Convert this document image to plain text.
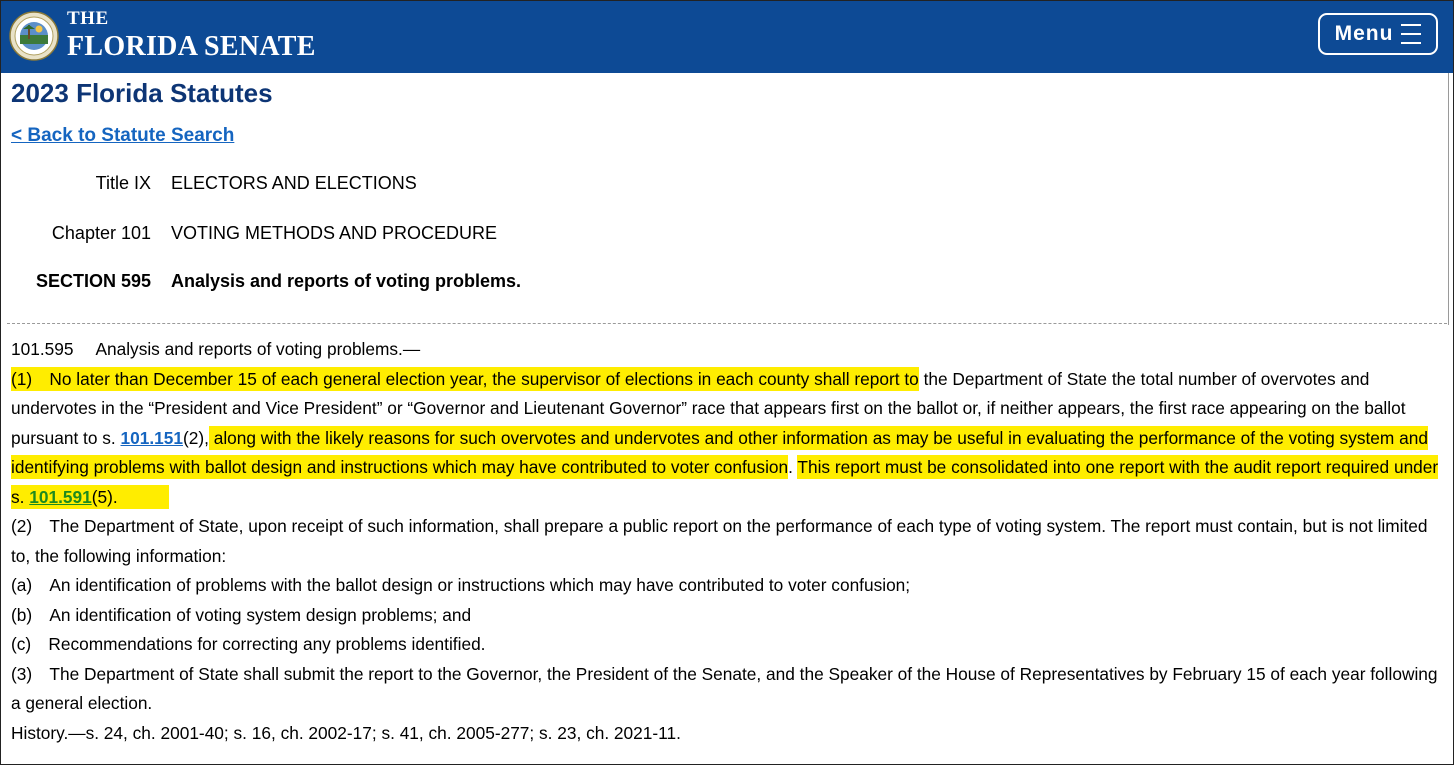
THE
FLORIDA SENATE	Menu
2023 Florida Statutes
< Back to Statute Search
Title IX	ELECTORS AND ELECTIONS
Chapter 101	VOTING METHODS AND PROCEDURE
SECTION 595	Analysis and reports of voting problems.

101.595 Analysis and reports of voting problems.—

(1) No later than December 15 of each general election year, the supervisor of elections in each county shall report to the Department of State the total number of overvotes and undervotes in the “President and Vice President” or “Governor and Lieutenant Governor” race that appears first on the ballot or, if neither appears, the first race appearing on the ballot pursuant to s. 101.151(2), along with the likely reasons for such overvotes and undervotes and other information as may be useful in evaluating the performance of the voting system and identifying problems with ballot design and instructions which may have contributed to voter confusion. This report must be consolidated into one report with the audit report required under s. 101.591(5).   

(2) The Department of State, upon receipt of such information, shall prepare a public report on the performance of each type of voting system. The report must contain, but is not limited to, the following information:

(a) An identification of problems with the ballot design or instructions which may have contributed to voter confusion;

(b) An identification of voting system design problems; and

(c) Recommendations for correcting any problems identified.

(3) The Department of State shall submit the report to the Governor, the President of the Senate, and the Speaker of the House of Representatives by February 15 of each year following a general election.

History.—s. 24, ch. 2001-40; s. 16, ch. 2002-17; s. 41, ch. 2005-277; s. 23, ch. 2021-11.
